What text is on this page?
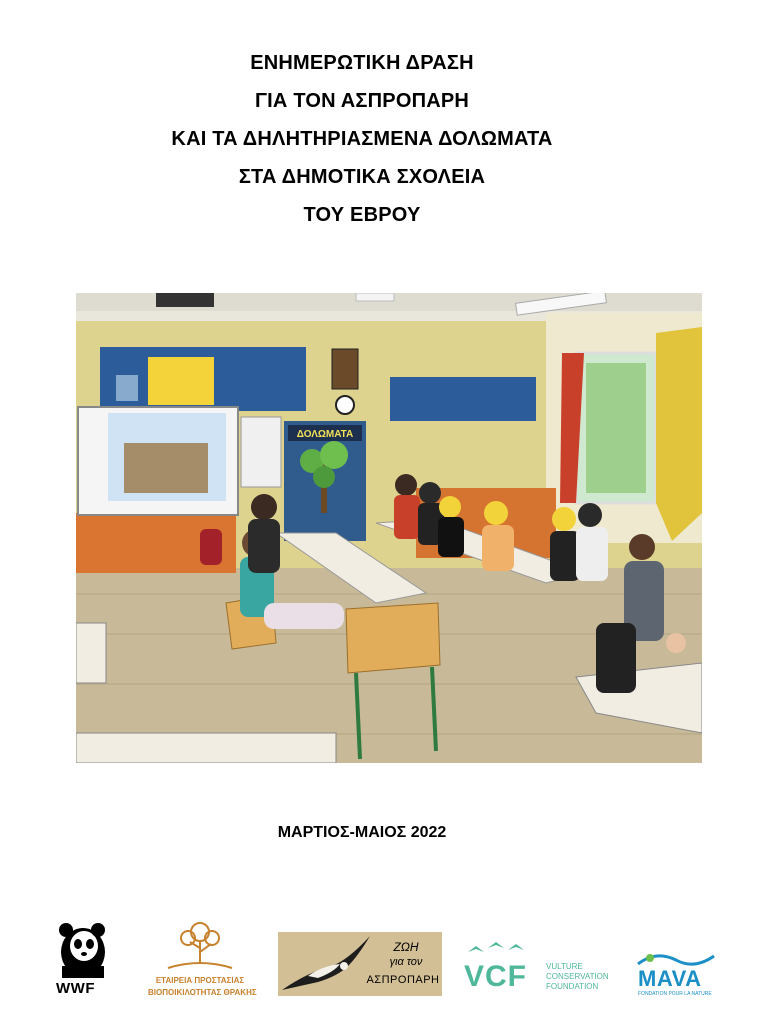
ΕΝΗΜΕΡΩΤΙΚΗ ΔΡΑΣΗ
ΓΙΑ ΤΟΝ ΑΣΠΡΟΠΑΡΗ
ΚΑΙ ΤΑ ΔΗΛΗΤΗΡΙΑΣΜΕΝΑ ΔΟΛΩΜΑΤΑ
ΣΤΑ ΔΗΜΟΤΙΚΑ ΣΧΟΛΕΙΑ
ΤΟΥ ΕΒΡΟΥ
ΔΟΛΩΜΑΤΑ
ΜΑΡΤΙΟΣ-ΜΑΙΟΣ 2022
WWF	ΕΤΑΙΡΕΙΑ ΠΡΟΣΤΑΣΙΑΣ
ΒΙΟΠΟΙΚΙΛΟΤΗΤΑΣ ΘΡΑΚΗΣ
ΖΩΗ
για τον
ΑΣΠΡΟΠΑΡΗ VCF VULTURE
CONSERVATION
FOUNDATION MAVA
FONDATION POUR LA NATURE
